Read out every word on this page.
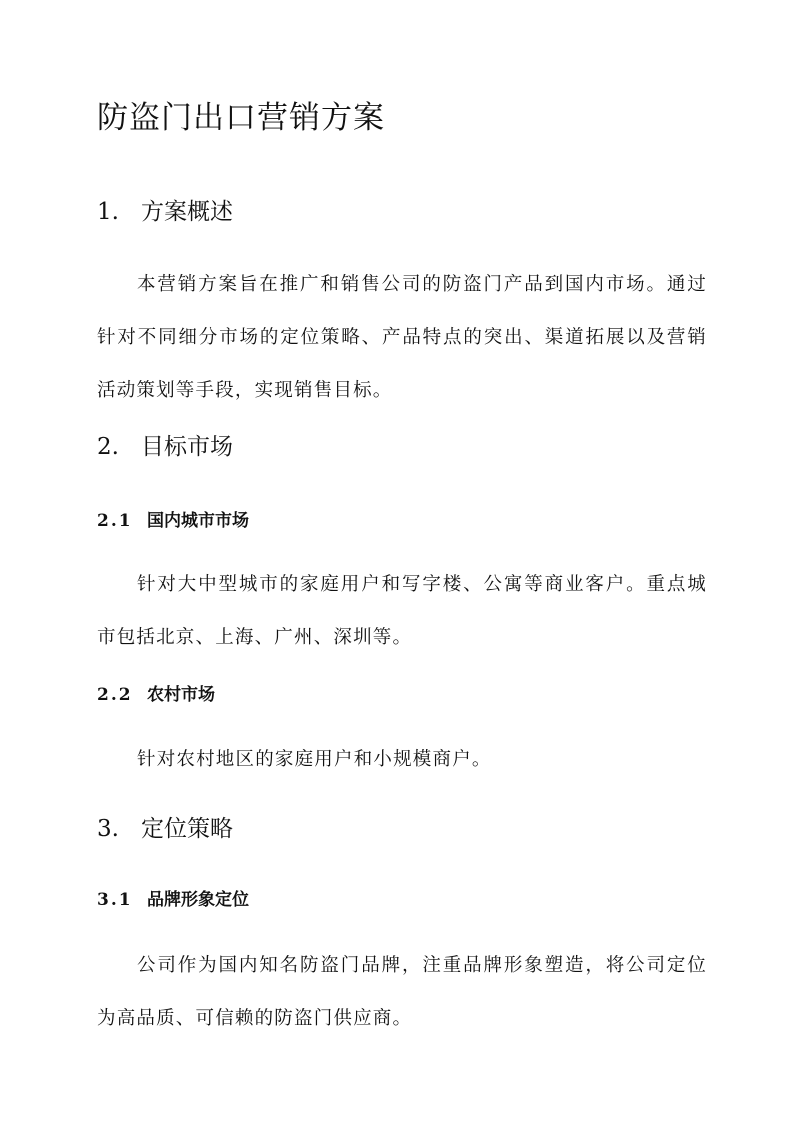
防盗门出口营销方案
1. 方案概述

本营销方案旨在推广和销售公司的防盗门产品到国内市场。通过针对不同细分市场的定位策略、产品特点的突出、渠道拓展以及营销活动策划等手段，实现销售目标。

2. 目标市场
2.1 国内城市市场

针对大中型城市的家庭用户和写字楼、公寓等商业客户。重点城市包括北京、上海、广州、深圳等。

2.2 农村市场

针对农村地区的家庭用户和小规模商户。

3. 定位策略
3.1 品牌形象定位

公司作为国内知名防盗门品牌，注重品牌形象塑造，将公司定位为高品质、可信赖的防盗门供应商。
